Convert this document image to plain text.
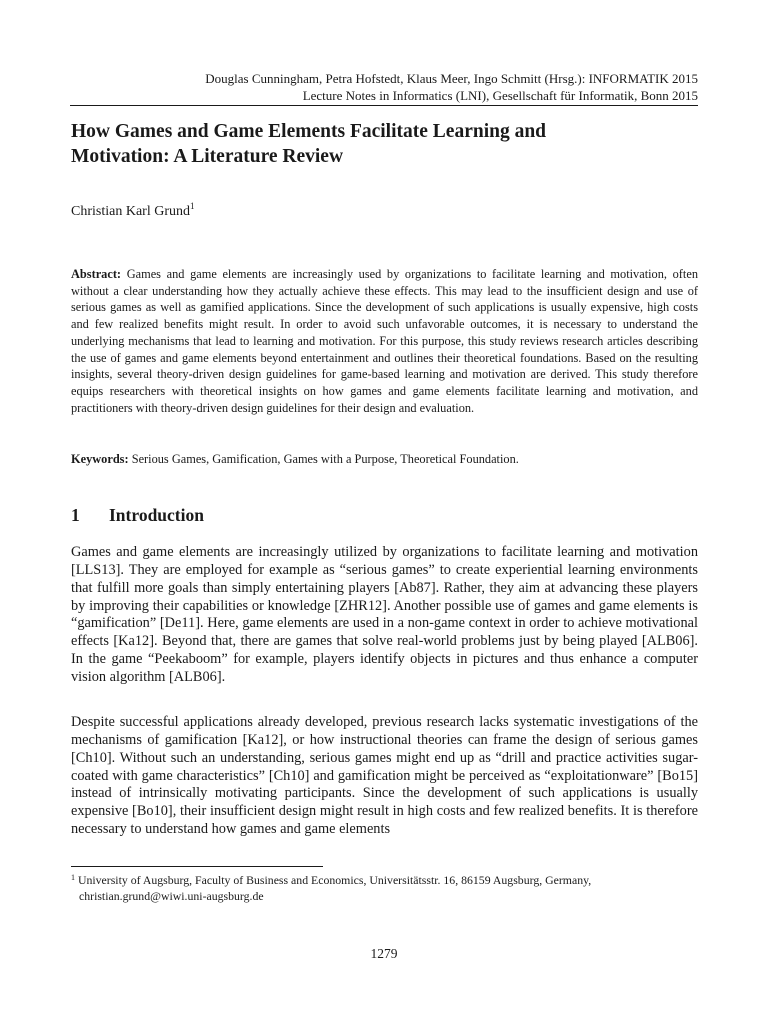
Douglas Cunningham, Petra Hofstedt, Klaus Meer, Ingo Schmitt (Hrsg.): INFORMATIK 2015
Lecture Notes in Informatics (LNI), Gesellschaft für Informatik, Bonn 2015
How Games and Game Elements Facilitate Learning and
Motivation: A Literature Review
Christian Karl Grund$^1$

Abstract: Games and game elements are increasingly used by organizations to facilitate learning and motivation, often without a clear understanding how they actually achieve these effects. This may lead to the insufficient design and use of serious games as well as gamified applications. Since the development of such applications is usually expensive, high costs and few realized benefits might result. In order to avoid such unfavorable outcomes, it is necessary to understand the underlying mechanisms that lead to learning and motivation. For this purpose, this study reviews research articles describing the use of games and game elements beyond entertainment and outlines their theoretical foundations. Based on the resulting insights, several theory-driven design guidelines for game-based learning and motivation are derived. This study therefore equips researchers with theoretical insights on how games and game elements facilitate learning and motivation, and practitioners with theory-driven design guidelines for their design and evaluation.

Keywords: Serious Games, Gamification, Games with a Purpose, Theoretical Foundation.

1 Introduction

Games and game elements are increasingly utilized by organizations to facilitate learning and motivation [LLS13]. They are employed for example as “serious games” to create experiential learning environments that fulfill more goals than simply entertaining players [Ab87]. Rather, they aim at advancing these players by improving their capabilities or knowledge [ZHR12]. Another possible use of games and game elements is “gamification” [De11]. Here, game elements are used in a non-game context in order to achieve motivational effects [Ka12]. Beyond that, there are games that solve real-world problems just by being played [ALB06]. In the game “Peekaboom” for example, players identify objects in pictures and thus enhance a computer vision algorithm [ALB06].

Despite successful applications already developed, previous research lacks systematic investigations of the mechanisms of gamification [Ka12], or how instructional theories can frame the design of serious games [Ch10]. Without such an understanding, serious games might end up as “drill and practice activities sugar-coated with game characteristics” [Ch10] and gamification might be perceived as “exploitationware” [Bo15] instead of intrinsically motivating participants. Since the development of such applications is usually expensive [Bo10], their insufficient design might result in high costs and few realized benefits. It is therefore necessary to understand how games and game elements

$^1$ University of Augsburg, Faculty of Business and Economics, Universitätsstr. 16, 86159 Augsburg, Germany,
christian.grund@wiwi.uni-augsburg.de

1279
